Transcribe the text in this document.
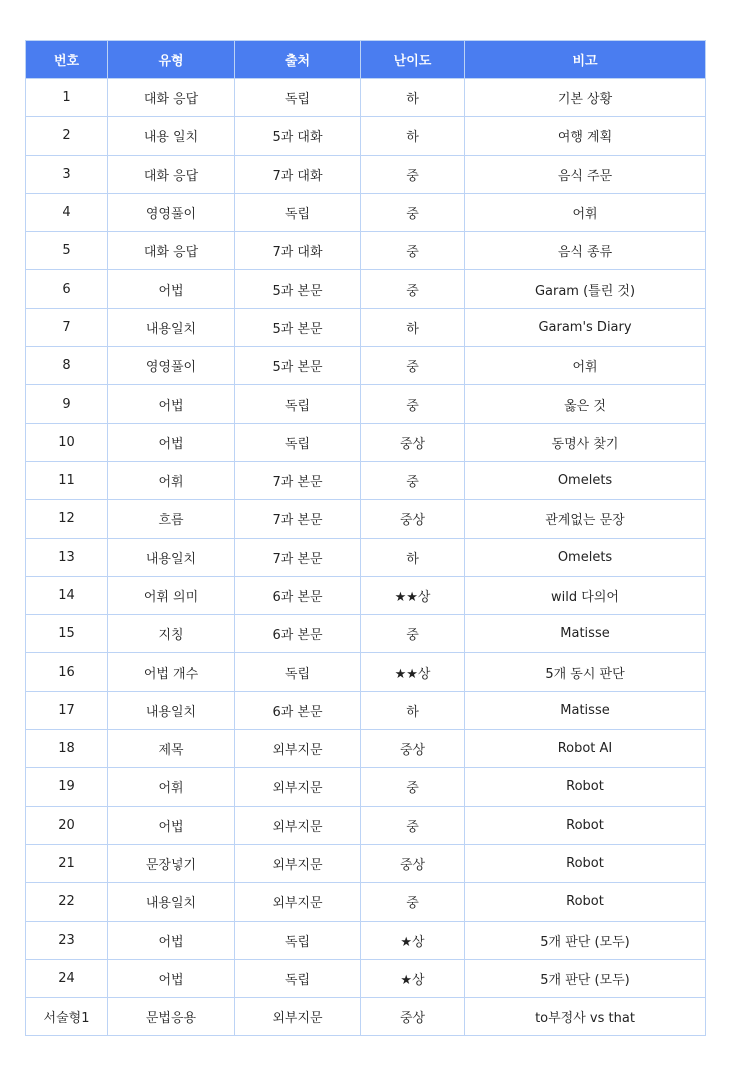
번호	유형	출처	난이도	비고
1	대화 응답	독립	하	기본 상황
2	내용 일치	5과 대화	하	여행 계획
3	대화 응답	7과 대화	중	음식 주문
4	영영풀이	독립	중	어휘
5	대화 응답	7과 대화	중	음식 종류
6	어법	5과 본문	중	Garam (틀린 것)
7	내용일치	5과 본문	하	Garam's Diary
8	영영풀이	5과 본문	중	어휘
9	어법	독립	중	옳은 것
10	어법	독립	중상	동명사 찾기
11	어휘	7과 본문	중	Omelets
12	흐름	7과 본문	중상	관계없는 문장
13	내용일치	7과 본문	하	Omelets
14	어휘 의미	6과 본문	★★상	wild 다의어
15	지칭	6과 본문	중	Matisse
16	어법 개수	독립	★★상	5개 동시 판단
17	내용일치	6과 본문	하	Matisse
18	제목	외부지문	중상	Robot AI
19	어휘	외부지문	중	Robot
20	어법	외부지문	중	Robot
21	문장넣기	외부지문	중상	Robot
22	내용일치	외부지문	중	Robot
23	어법	독립	★상	5개 판단 (모두)
24	어법	독립	★상	5개 판단 (모두)
서술형1	문법응용	외부지문	중상	to부정사 vs that
